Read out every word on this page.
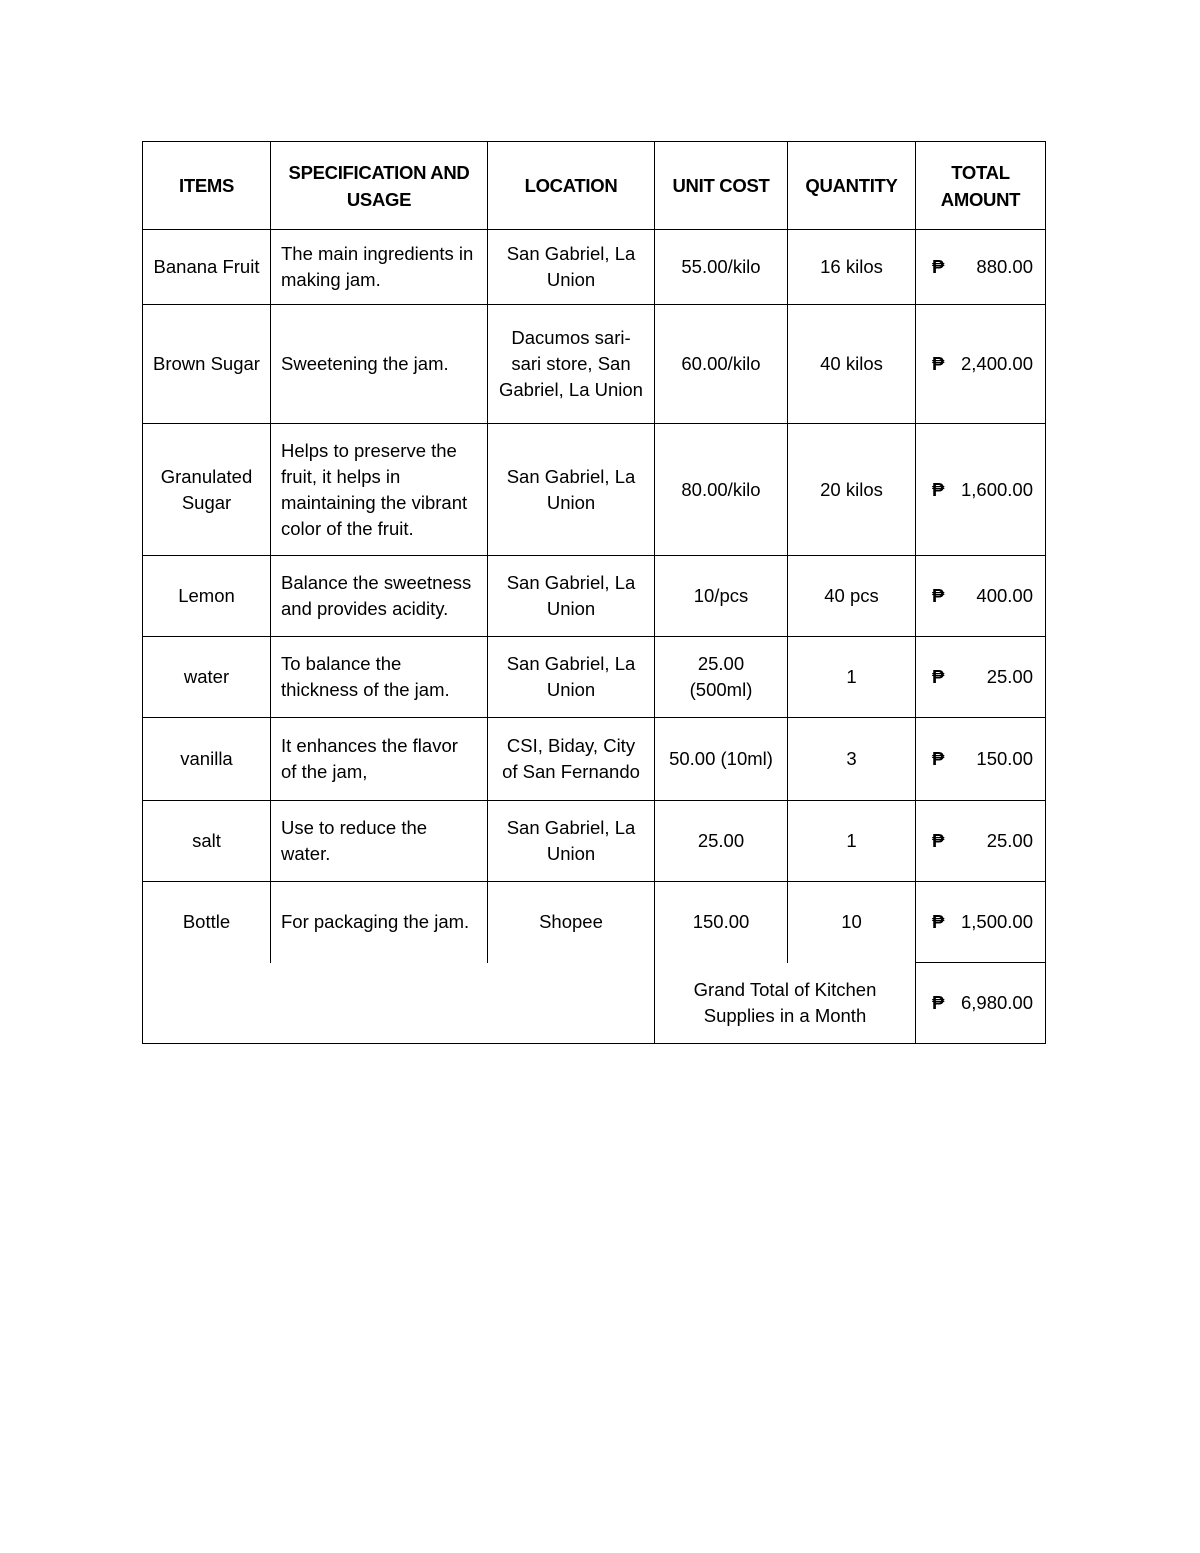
ITEMS	SPECIFICATION AND USAGE	LOCATION	UNIT COST	QUANTITY	TOTAL AMOUNT
Banana Fruit	The main ingredients in making jam.	San Gabriel, La Union	55.00/kilo	16 kilos	₱ 880.00

Brown Sugar	Sweetening the jam.	Dacumos sari-sari store, San Gabriel, La Union	60.00/kilo	40 kilos	₱ 2,400.00

Granulated Sugar	Helps to preserve the fruit, it helps in maintaining the vibrant color of the fruit.	San Gabriel, La Union	80.00/kilo	20 kilos	₱ 1,600.00

Lemon	Balance the sweetness and provides acidity.	San Gabriel, La Union	10/pcs	40 pcs	₱ 400.00

water	To balance the thickness of the jam.	San Gabriel, La Union	25.00 (500ml)	1	₱ 25.00

vanilla	It enhances the flavor of the jam,	CSI, Biday, City of San Fernando	50.00 (10ml)	3	₱ 150.00

salt	Use to reduce the water.	San Gabriel, La Union	25.00	1	₱ 25.00

Bottle	For packaging the jam.	Shopee	150.00	10	₱ 1,500.00

			Grand Total of Kitchen Supplies in a Month		₱ 6,980.00
